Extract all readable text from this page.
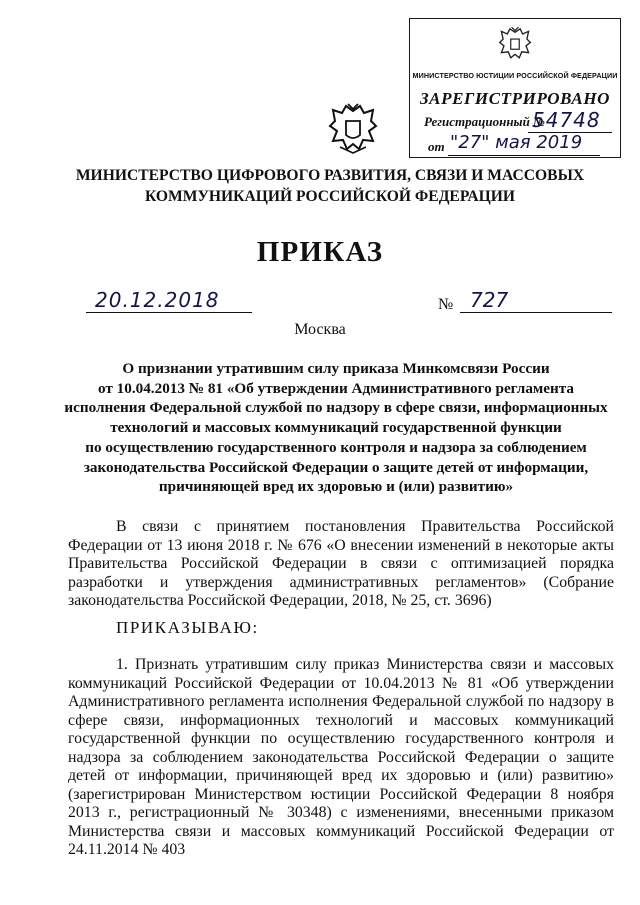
МИНИСТЕРСТВО ЮСТИЦИИ РОССИЙСКОЙ ФЕДЕРАЦИИ
ЗАРЕГИСТРИРОВАНО
Регистрационный №
54748
от "27" мая 2019
МИНИСТЕРСТВО ЦИФРОВОГО РАЗВИТИЯ, СВЯЗИ И МАССОВЫХ
КОММУНИКАЦИЙ РОССИЙСКОЙ ФЕДЕРАЦИИ
ПРИКАЗ
20.12.2018	№ 727
Москва
О признании утратившим силу приказа Минкомсвязи России
от 10.04.2013 № 81 «Об утверждении Административного регламента
исполнения Федеральной службой по надзору в сфере связи, информационных
технологий и массовых коммуникаций государственной функции
по осуществлению государственного контроля и надзора за соблюдением
законодательства Российской Федерации о защите детей от информации,
причиняющей вред их здоровью и (или) развитию»
В связи с принятием постановления Правительства Российской Федерации от 13 июня 2018 г. № 676 «О внесении изменений в некоторые акты Правительства Российской Федерации в связи с оптимизацией порядка разработки и утверждения административных регламентов» (Собрание законодательства Российской Федерации, 2018, № 25, ст. 3696)
ПРИКАЗЫВАЮ:
1. Признать утратившим силу приказ Министерства связи и массовых коммуникаций Российской Федерации от 10.04.2013 № 81 «Об утверждении Административного регламента исполнения Федеральной службой по надзору в сфере связи, информационных технологий и массовых коммуникаций государственной функции по осуществлению государственного контроля и надзора за соблюдением законодательства Российской Федерации о защите детей от информации, причиняющей вред их здоровью и (или) развитию» (зарегистрирован Министерством юстиции Российской Федерации 8 ноября 2013 г., регистрационный № 30348) с изменениями, внесенными приказом Министерства связи и массовых коммуникаций Российской Федерации от 24.11.2014 № 403
